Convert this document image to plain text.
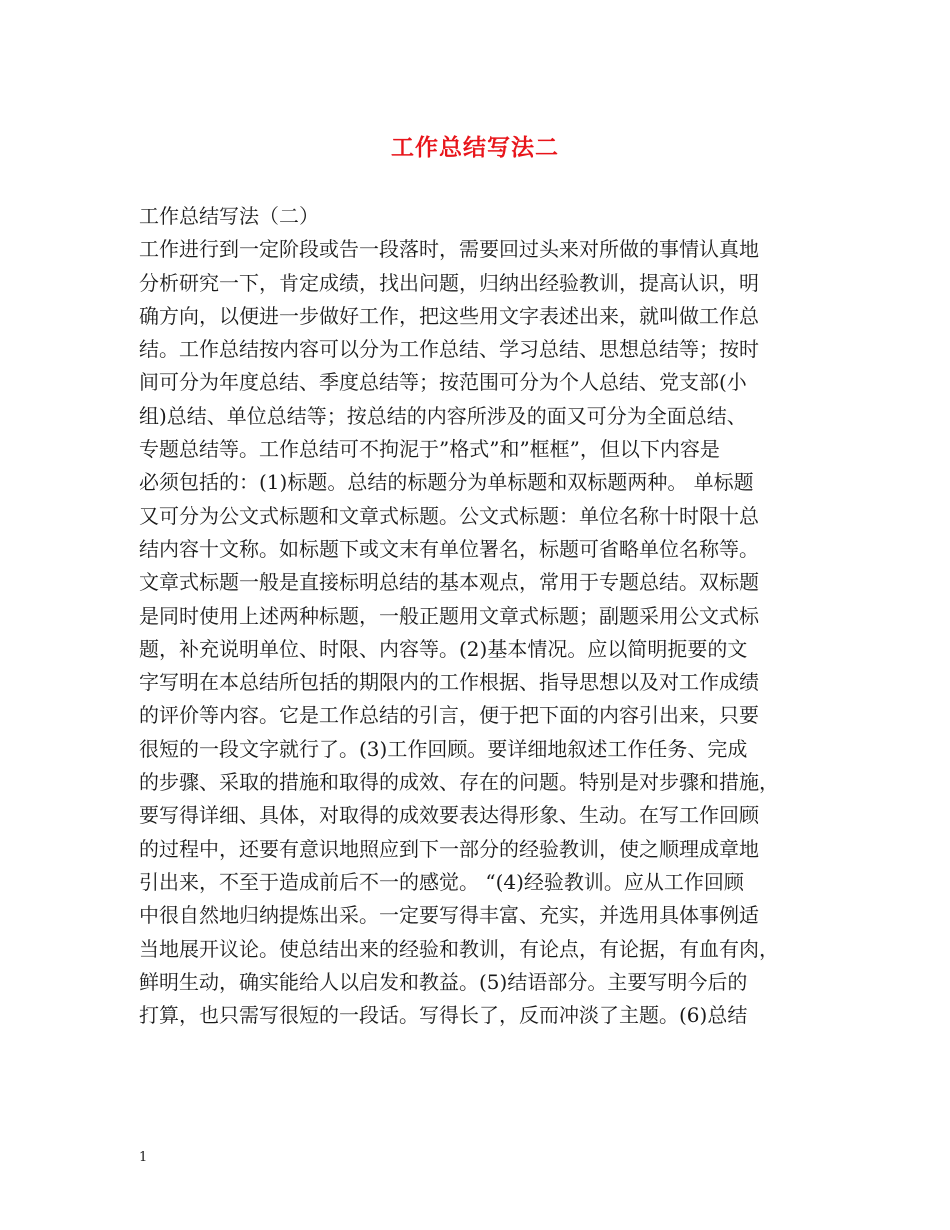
工作总结写法二
工作总结写法（二）
工作进行到一定阶段或告一段落时，需要回过头来对所做的事情认真地
分析研究一下，肯定成绩，找出问题，归纳出经验教训，提高认识，明
确方向，以便进一步做好工作，把这些用文字表述出来，就叫做工作总
结。工作总结按内容可以分为工作总结、学习总结、思想总结等；按时
间可分为年度总结、季度总结等；按范围可分为个人总结、党支部(小
组)总结、单位总结等；按总结的内容所涉及的面又可分为全面总结、
专题总结等。工作总结可不拘泥于”格式”和”框框”，但以下内容是
必须包括的：(1)标题。总结的标题分为单标题和双标题两种。 单标题
又可分为公文式标题和文章式标题。公文式标题：单位名称十时限十总
结内容十文称。如标题下或文末有单位署名，标题可省略单位名称等。
文章式标题一般是直接标明总结的基本观点，常用于专题总结。双标题
是同时使用上述两种标题，一般正题用文章式标题；副题采用公文式标
题，补充说明单位、时限、内容等。(2)基本情况。应以简明扼要的文
字写明在本总结所包括的期限内的工作根据、指导思想以及对工作成绩
的评价等内容。它是工作总结的引言，便于把下面的内容引出来，只要
很短的一段文字就行了。(3)工作回顾。要详细地叙述工作任务、完成
的步骤、采取的措施和取得的成效、存在的问题。特别是对步骤和措施，
要写得详细、具体，对取得的成效要表达得形象、生动。在写工作回顾
的过程中，还要有意识地照应到下一部分的经验教训，使之顺理成章地
引出来，不至于造成前后不一的感觉。 “(4)经验教训。应从工作回顾
中很自然地归纳提炼出采。一定要写得丰富、充实，并选用具体事例适
当地展开议论。使总结出来的经验和教训，有论点，有论据，有血有肉，
鲜明生动，确实能给人以启发和教益。(5)结语部分。主要写明今后的
打算，也只需写很短的一段话。写得长了，反而冲淡了主题。(6)总结
1
